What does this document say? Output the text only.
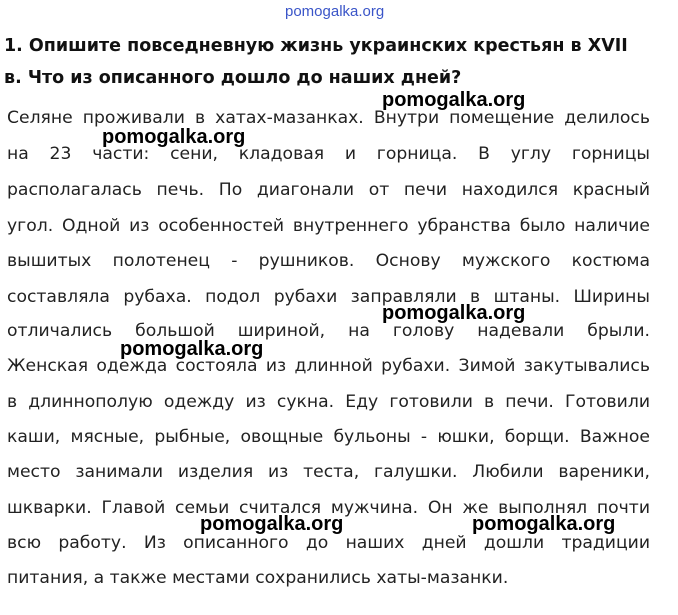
pomogalka.org
1. Опишите повседневную жизнь украинских крестьян в XVII
в. Что из описанного дошло до наших дней?
Селяне проживали в хатах-мазанках. Внутри помещение делилось
на 23 части: сени, кладовая и горница. В углу горницы
располагалась печь. По диагонали от печи находился красный
угол. Одной из особенностей внутреннего убранства было наличие
вышитых полотенец - рушников. Основу мужского костюма
составляла рубаха. подол рубахи заправляли в штаны. Ширины
отличались большой шириной, на голову надевали брыли.
Женская одежда состояла из длинной рубахи. Зимой закутывались
в длиннополую одежду из сукна. Еду готовили в печи. Готовили
каши, мясные, рыбные, овощные бульоны - юшки, борщи. Важное
место занимали изделия из теста, галушки. Любили вареники,
шкварки. Главой семьи считался мужчина. Он же выполнял почти
всю работу. Из описанного до наших дней дошли традиции
питания, а также местами сохранились хаты-мазанки.
pomogalka.org
pomogalka.org
pomogalka.org
pomogalka.org
pomogalka.org	pomogalka.org
